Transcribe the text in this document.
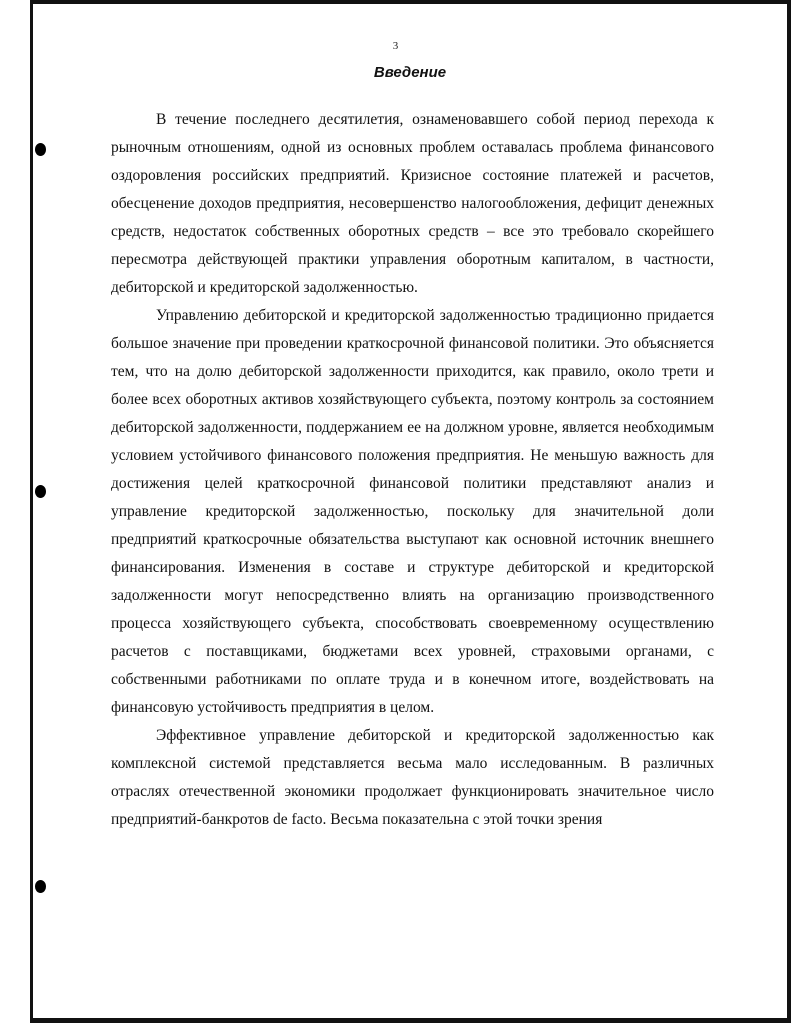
3
Введение

В течение последнего десятилетия, ознаменовавшего собой период перехода к рыночным отношениям, одной из основных проблем оставалась проблема финансового оздоровления российских предприятий. Кризисное состояние платежей и расчетов, обесценение доходов предприятия, несовершенство налогообложения, дефицит денежных средств, недостаток собственных оборотных средств – все это требовало скорейшего пересмотра действующей практики управления оборотным капиталом, в частности, дебиторской и кредиторской задолженностью.

Управлению дебиторской и кредиторской задолженностью традиционно придается большое значение при проведении краткосрочной финансовой политики. Это объясняется тем, что на долю дебиторской задолженности приходится, как правило, около трети и более всех оборотных активов хозяйствующего субъекта, поэтому контроль за состоянием дебиторской задолженности, поддержанием ее на должном уровне, является необходимым условием устойчивого финансового положения предприятия. Не меньшую важность для достижения целей краткосрочной финансовой политики представляют анализ и управление кредиторской задолженностью, поскольку для значительной доли предприятий краткосрочные обязательства выступают как основной источник внешнего финансирования. Изменения в составе и структуре дебиторской и кредиторской задолженности могут непосредственно влиять на организацию производственного процесса хозяйствующего субъекта, способствовать своевременному осуществлению расчетов с поставщиками, бюджетами всех уровней, страховыми органами, с собственными работниками по оплате труда и в конечном итоге, воздействовать на финансовую устойчивость предприятия в целом.

Эффективное управление дебиторской и кредиторской задолженностью как комплексной системой представляется весьма мало исследованным. В различных отраслях отечественной экономики продолжает функционировать значительное число предприятий-банкротов de facto. Весьма показательна с этой точки зрения
